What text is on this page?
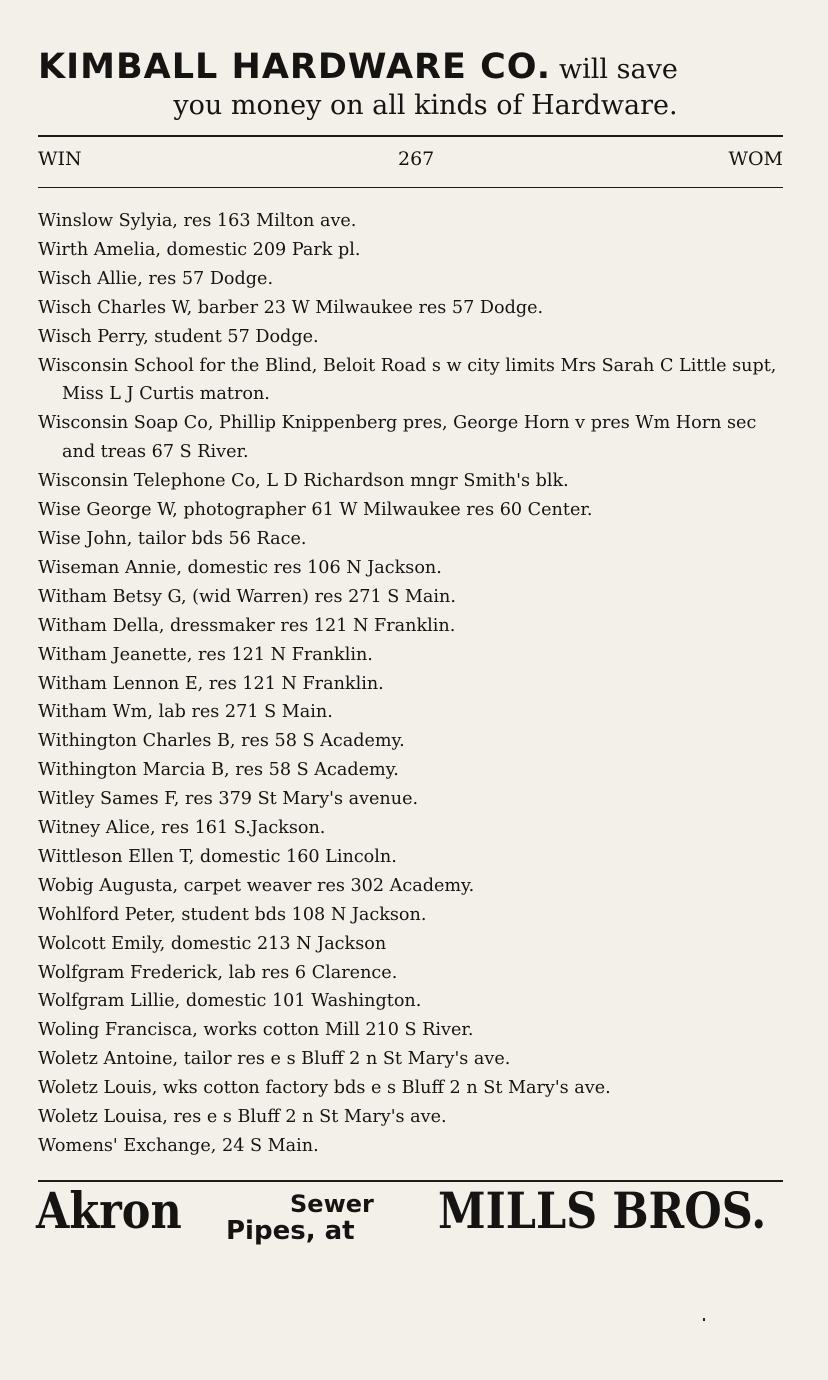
KIMBALL HARDWARE CO. will save
you money on all kinds of Hardware.
WIN	267	WOM
Winslow Sylyia, res 163 Milton ave.
Wirth Amelia, domestic 209 Park pl.
Wisch Allie, res 57 Dodge.
Wisch Charles W, barber 23 W Milwaukee res 57 Dodge.
Wisch Perry, student 57 Dodge.
Wisconsin School for the Blind, Beloit Road s w city limits Mrs Sarah C Little supt, Miss L J Curtis matron.
Wisconsin Soap Co, Phillip Knippenberg pres, George Horn v pres Wm Horn sec and treas 67 S River.
Wisconsin Telephone Co, L D Richardson mngr Smith's blk.
Wise George W, photographer 61 W Milwaukee res 60 Center.
Wise John, tailor bds 56 Race.
Wiseman Annie, domestic res 106 N Jackson.
Witham Betsy G, (wid Warren) res 271 S Main.
Witham Della, dressmaker res 121 N Franklin.
Witham Jeanette, res 121 N Franklin.
Witham Lennon E, res 121 N Franklin.
Witham Wm, lab res 271 S Main.
Withington Charles B, res 58 S Academy.
Withington Marcia B, res 58 S Academy.
Witley Sames F, res 379 St Mary's avenue.
Witney Alice, res 161 S.Jackson.
Wittleson Ellen T, domestic 160 Lincoln.
Wobig Augusta, carpet weaver res 302 Academy.
Wohlford Peter, student bds 108 N Jackson.
Wolcott Emily, domestic 213 N Jackson
Wolfgram Frederick, lab res 6 Clarence.
Wolfgram Lillie, domestic 101 Washington.
Woling Francisca, works cotton Mill 210 S River.
Woletz Antoine, tailor res e s Bluff 2 n St Mary's ave.
Woletz Louis, wks cotton factory bds e s Bluff 2 n St Mary's ave.
Woletz Louisa, res e s Bluff 2 n St Mary's ave.
Womens' Exchange, 24 S Main.
Akron	Sewer
Pipes, at	MILLS BROS.
